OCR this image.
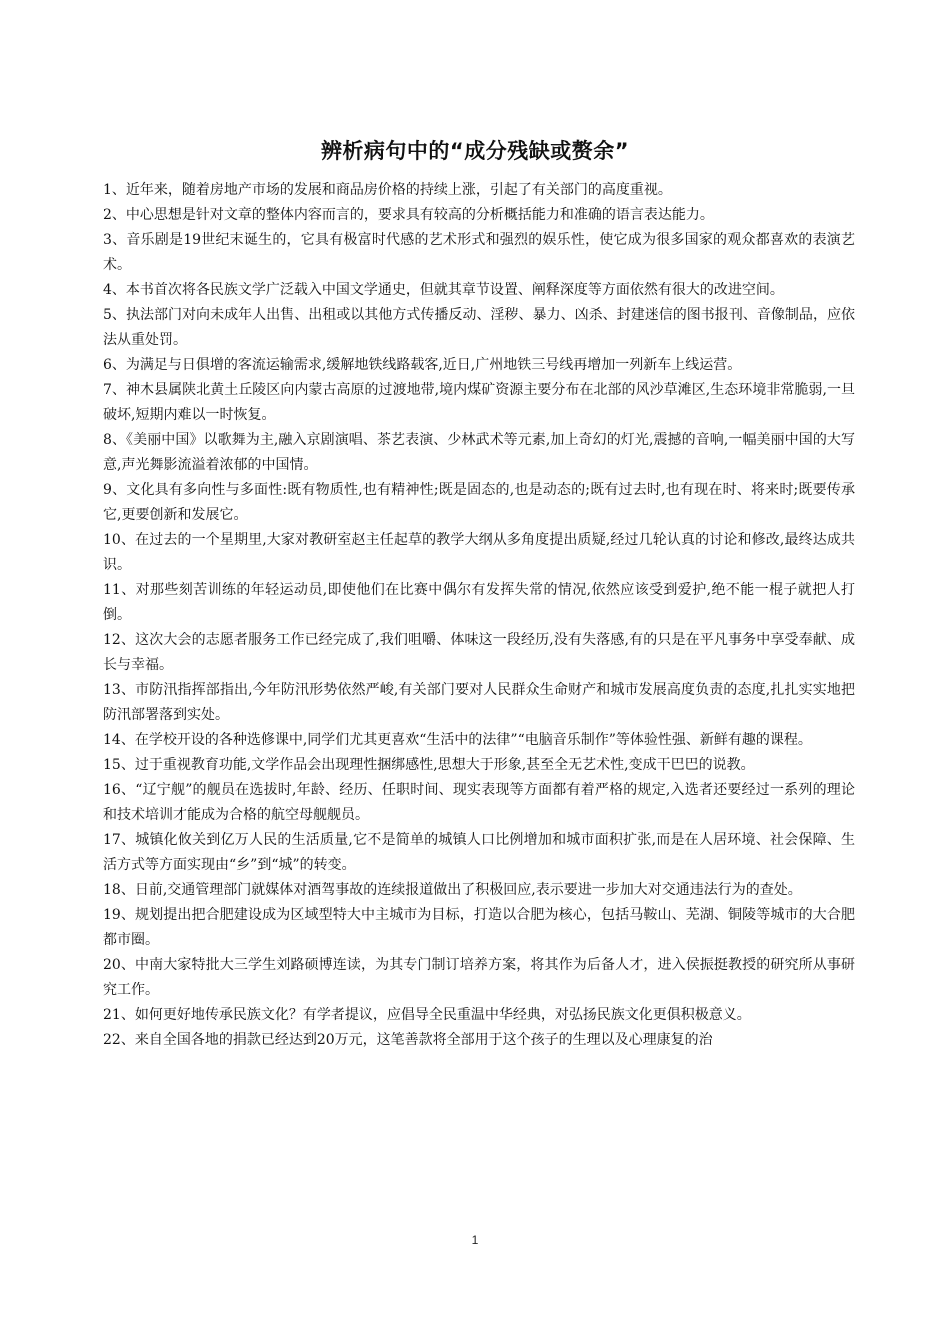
辨析病句中的“成分残缺或赘余”

1、近年来，随着房地产市场的发展和商品房价格的持续上涨，引起了有关部门的高度重视。

2、中心思想是针对文章的整体内容而言的，要求具有较高的分析概括能力和准确的语言表达能力。

3、音乐剧是19世纪末诞生的，它具有极富时代感的艺术形式和强烈的娱乐性，使它成为很多国家的观众都喜欢的表演艺术。

4、本书首次将各民族文学广泛载入中国文学通史，但就其章节设置、阐释深度等方面依然有很大的改进空间。

5、执法部门对向未成年人出售、出租或以其他方式传播反动、淫秽、暴力、凶杀、封建迷信的图书报刊、音像制品，应依法从重处罚。

6、为满足与日俱增的客流运输需求,缓解地铁线路载客,近日,广州地铁三号线再增加一列新车上线运营。

7、神木县属陕北黄土丘陵区向内蒙古高原的过渡地带,境内煤矿资源主要分布在北部的风沙草滩区,生态环境非常脆弱,一旦破坏,短期内难以一时恢复。

8、《美丽中国》以歌舞为主,融入京剧演唱、茶艺表演、少林武术等元素,加上奇幻的灯光,震撼的音响,一幅美丽中国的大写意,声光舞影流溢着浓郁的中国情。

9、文化具有多向性与多面性:既有物质性,也有精神性;既是固态的,也是动态的;既有过去时,也有现在时、将来时;既要传承它,更要创新和发展它。

10、在过去的一个星期里,大家对教研室赵主任起草的教学大纲从多角度提出质疑,经过几轮认真的讨论和修改,最终达成共识。

11、对那些刻苦训练的年轻运动员,即使他们在比赛中偶尔有发挥失常的情况,依然应该受到爱护,绝不能一棍子就把人打倒。

12、这次大会的志愿者服务工作已经完成了,我们咀嚼、体味这一段经历,没有失落感,有的只是在平凡事务中享受奉献、成长与幸福。

13、市防汛指挥部指出,今年防汛形势依然严峻,有关部门要对人民群众生命财产和城市发展高度负责的态度,扎扎实实地把防汛部署落到实处。

14、在学校开设的各种选修课中,同学们尤其更喜欢“生活中的法律”“电脑音乐制作”等体验性强、新鲜有趣的课程。

15、过于重视教育功能,文学作品会出现理性捆绑感性,思想大于形象,甚至全无艺术性,变成干巴巴的说教。

16、“辽宁舰”的舰员在选拔时,年龄、经历、任职时间、现实表现等方面都有着严格的规定,入选者还要经过一系列的理论和技术培训才能成为合格的航空母舰舰员。

17、城镇化攸关到亿万人民的生活质量,它不是简单的城镇人口比例增加和城市面积扩张,而是在人居环境、社会保障、生活方式等方面实现由“乡”到“城”的转变。

18、日前,交通管理部门就媒体对酒驾事故的连续报道做出了积极回应,表示要进一步加大对交通违法行为的查处。

19、规划提出把合肥建设成为区域型特大中主城市为目标，打造以合肥为核心，包括马鞍山、芜湖、铜陵等城市的大合肥都市圈。

20、中南大家特批大三学生刘路硕博连读，为其专门制订培养方案，将其作为后备人才，进入侯振挺教授的研究所从事研究工作。

21、如何更好地传承民族文化？有学者提议，应倡导全民重温中华经典，对弘扬民族文化更俱积极意义。

22、来自全国各地的捐款已经达到20万元，这笔善款将全部用于这个孩子的生理以及心理康复的治

1
